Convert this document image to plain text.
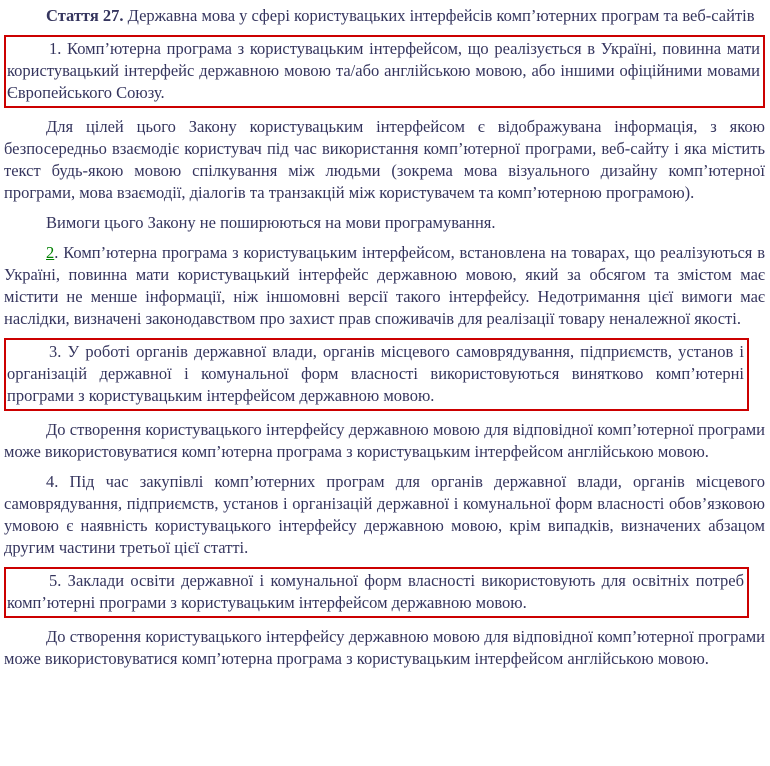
Стаття 27. Державна мова у сфері користувацьких інтерфейсів комп’ютерних програм та веб-сайтів

1. Комп’ютерна програма з користувацьким інтерфейсом, що реалізується в Україні, повинна мати користувацький інтерфейс державною мовою та/або англійською мовою, або іншими офіційними мовами Європейського Союзу.

Для цілей цього Закону користувацьким інтерфейсом є відображувана інформація, з якою безпосередньо взаємодіє користувач під час використання комп’ютерної програми, веб-сайту і яка містить текст будь-якою мовою спілкування між людьми (зокрема мова візуального дизайну комп’ютерної програми, мова взаємодії, діалогів та транзакцій між користувачем та комп’ютерною програмою).

Вимоги цього Закону не поширюються на мови програмування.

2. Комп’ютерна програма з користувацьким інтерфейсом, встановлена на товарах, що реалізуються в Україні, повинна мати користувацький інтерфейс державною мовою, який за обсягом та змістом має містити не менше інформації, ніж іншомовні версії такого інтерфейсу. Недотримання цієї вимоги має наслідки, визначені законодавством про захист прав споживачів для реалізації товару неналежної якості.

3. У роботі органів державної влади, органів місцевого самоврядування, підприємств, установ і організацій державної і комунальної форм власності використовуються винятково комп’ютерні програми з користувацьким інтерфейсом державною мовою.

До створення користувацького інтерфейсу державною мовою для відповідної комп’ютерної програми може використовуватися комп’ютерна програма з користувацьким інтерфейсом англійською мовою.

4. Під час закупівлі комп’ютерних програм для органів державної влади, органів місцевого самоврядування, підприємств, установ і організацій державної і комунальної форм власності обов’язковою умовою є наявність користувацького інтерфейсу державною мовою, крім випадків, визначених абзацом другим частини третьої цієї статті.

5. Заклади освіти державної і комунальної форм власності використовують для освітніх потреб комп’ютерні програми з користувацьким інтерфейсом державною мовою.

До створення користувацького інтерфейсу державною мовою для відповідної комп’ютерної програми може використовуватися комп’ютерна програма з користувацьким інтерфейсом англійською мовою.
